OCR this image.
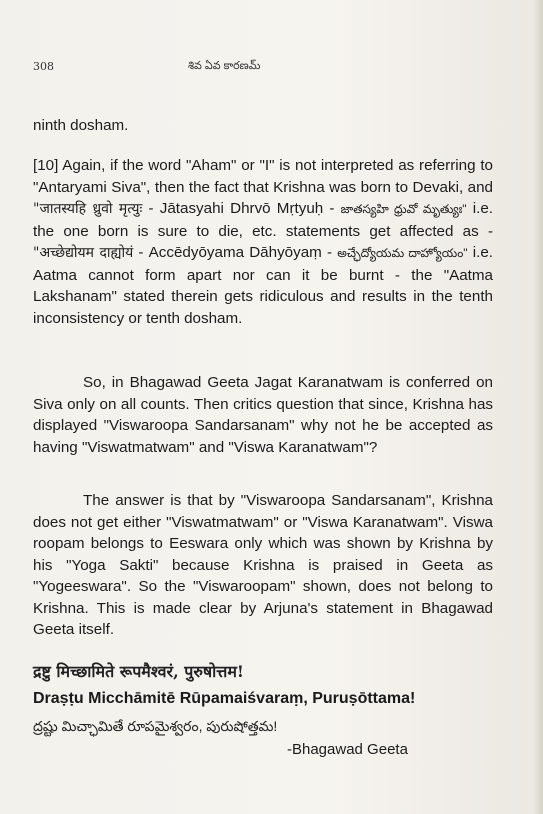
308	శివ ఏవ కారణమ్

ninth dosham.

[10] Again, if the word "Aham" or "I" is not interpreted as referring to "Antaryami Siva", then the fact that Krishna was born to Devaki, and "जातस्यहि ध्रुवो मृत्युः - Jātasyahi Dhrvō Mṛtyuḥ - జాతస్యహి ధ్రువో మృత్యుః" i.e. the one born is sure to die, etc. statements get affected as - "अच्छेद्योयम दाह्योयं - Accēdyōyama Dāhyōyaṃ - అచ్ఛేద్యోయమ దాహ్యోయం" i.e. Aatma cannot form apart nor can it be burnt - the "Aatma Lakshanam" stated therein gets ridiculous and results in the tenth inconsistency or tenth dosham.

So, in Bhagawad Geeta Jagat Karanatwam is conferred on Siva only on all counts. Then critics question that since, Krishna has displayed "Viswaroopa Sandarsanam" why not he be accepted as having "Viswatmatwam" and "Viswa Karanatwam"?

The answer is that by "Viswaroopa Sandarsanam", Krishna does not get either "Viswatmatwam" or "Viswa Karanatwam". Viswa roopam belongs to Eeswara only which was shown by Krishna by his "Yoga Sakti" because Krishna is praised in Geeta as "Yogeeswara". So the "Viswaroopam" shown, does not belong to Krishna. This is made clear by Arjuna's statement in Bhagawad Geeta itself.

द्रष्टु मिच्छामिते रूपमैश्वरं, पुरुषोत्तम!
Draṣṭu Micchāmitē Rūpamaiśvaraṃ, Puruṣōttama!
ద్రష్టు మిచ్ఛామితే రూపమైశ్వరం, పురుషోత్తమ!
-Bhagawad Geeta
